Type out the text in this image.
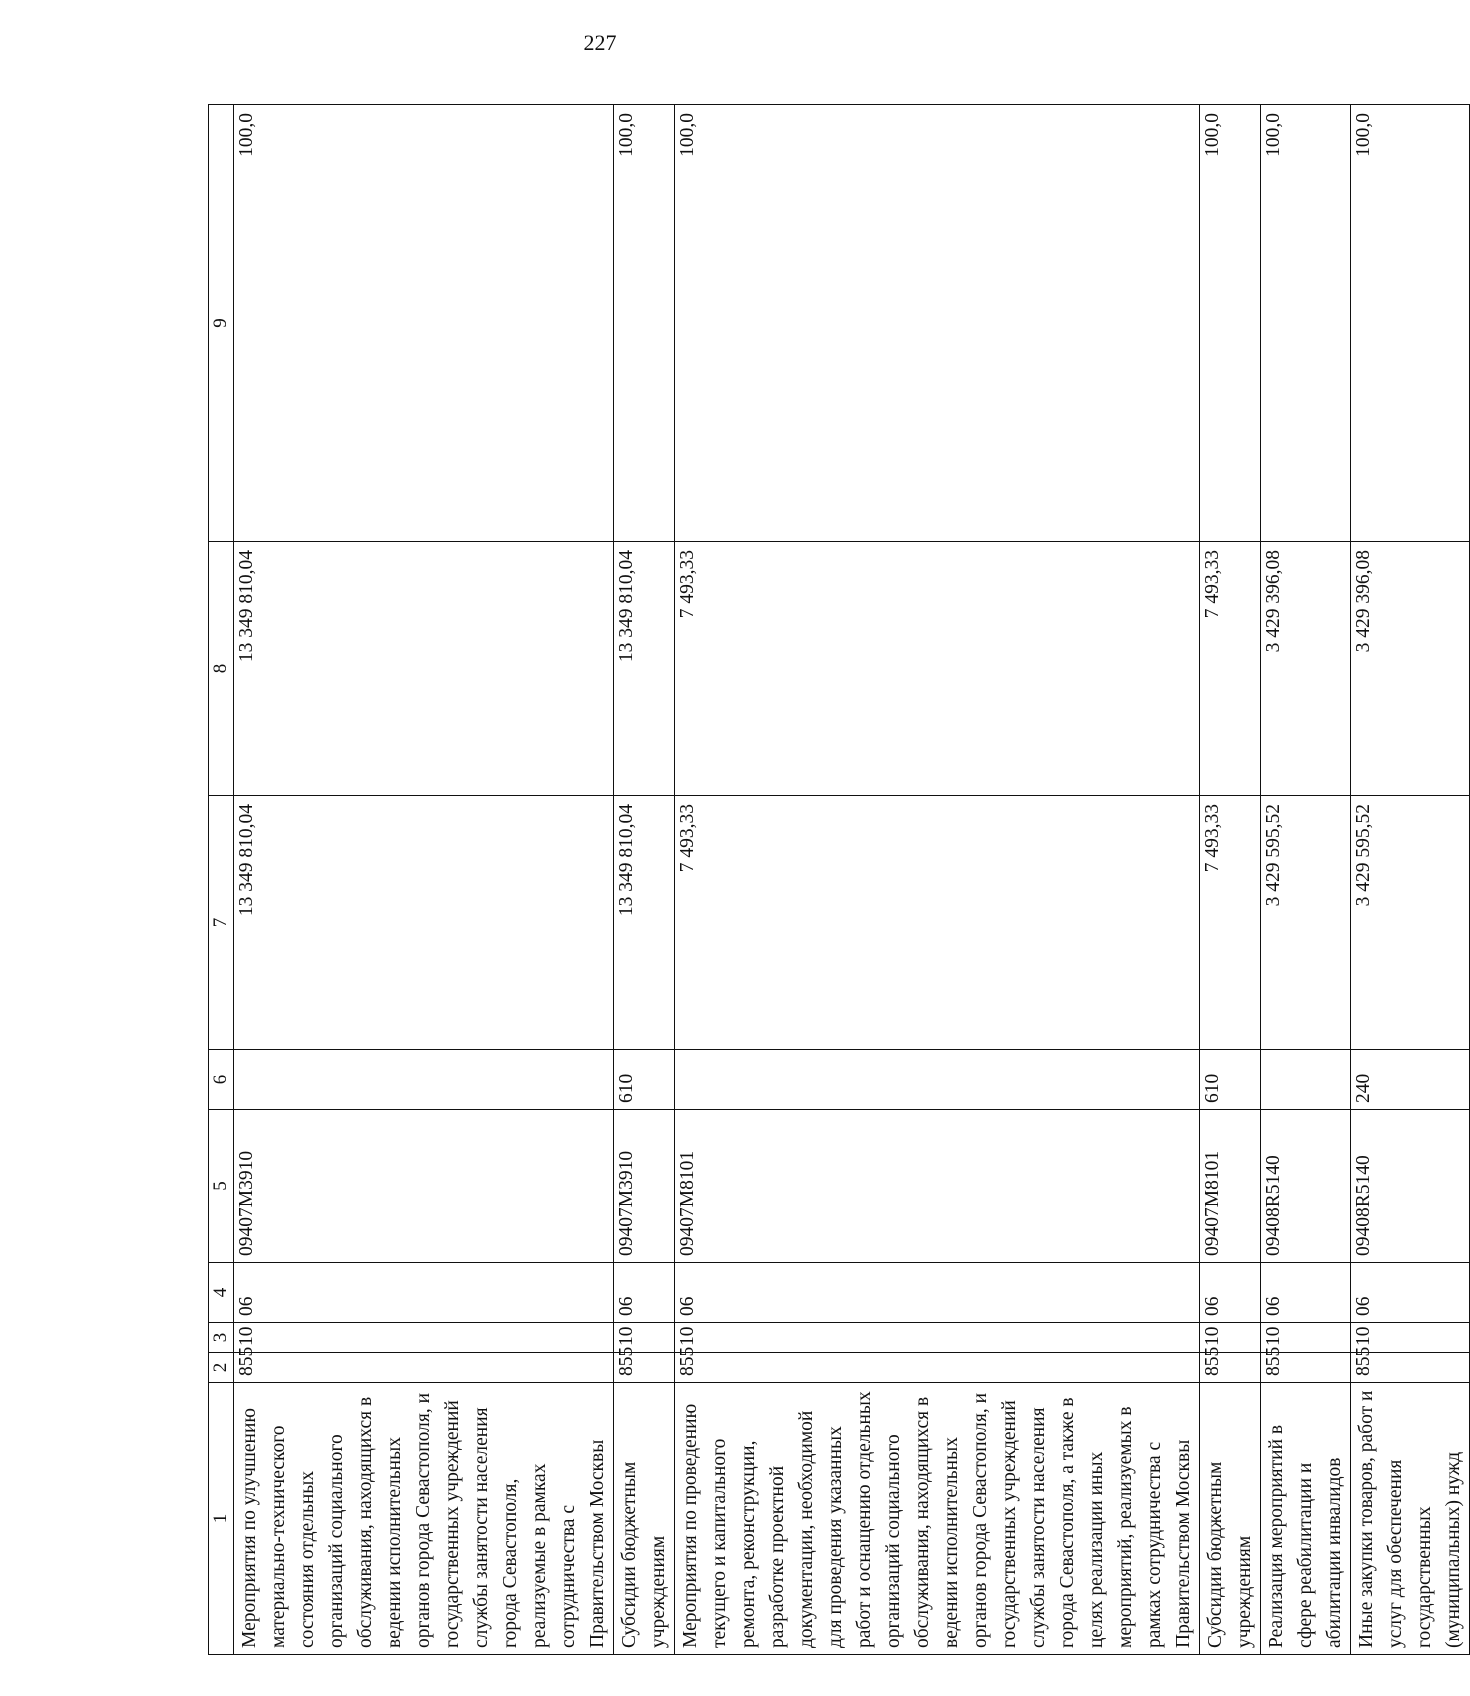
227
1	2	3	4	5	6	7	8	9
Мероприятия по улучшению материально-технического состояния отдельных организаций социального обслуживания, находящихся в ведении исполнительных органов города Севастополя, и государственных учреждений службы занятости населения города Севастополя, реализуемые в рамках сотрудничества с Правительством Москвы	855	10	06	09407M3910		13 349 810,04	13 349 810,04	100,0
Субсидии бюджетным учреждениям	855	10	06	09407M3910	610	13 349 810,04	13 349 810,04	100,0
Мероприятия по проведению текущего и капитального ремонта, реконструкции, разработке проектной документации, необходимой для проведения указанных работ и оснащению отдельных организаций социального обслуживания, находящихся в ведении исполнительных органов города Севастополя, и государственных учреждений службы занятости населения города Севастополя, а также в целях реализации иных мероприятий, реализуемых в рамках сотрудничества с Правительством Москвы	855	10	06	09407M8101		7 493,33	7 493,33	100,0
Субсидии бюджетным учреждениям	855	10	06	09407M8101	610	7 493,33	7 493,33	100,0
Реализация мероприятий в сфере реабилитации и абилитации инвалидов	855	10	06	09408R5140		3 429 595,52	3 429 396,08	100,0
Иные закупки товаров, работ и услуг для обеспечения государственных (муниципальных) нужд	855	10	06	09408R5140	240	3 429 595,52	3 429 396,08	100,0
